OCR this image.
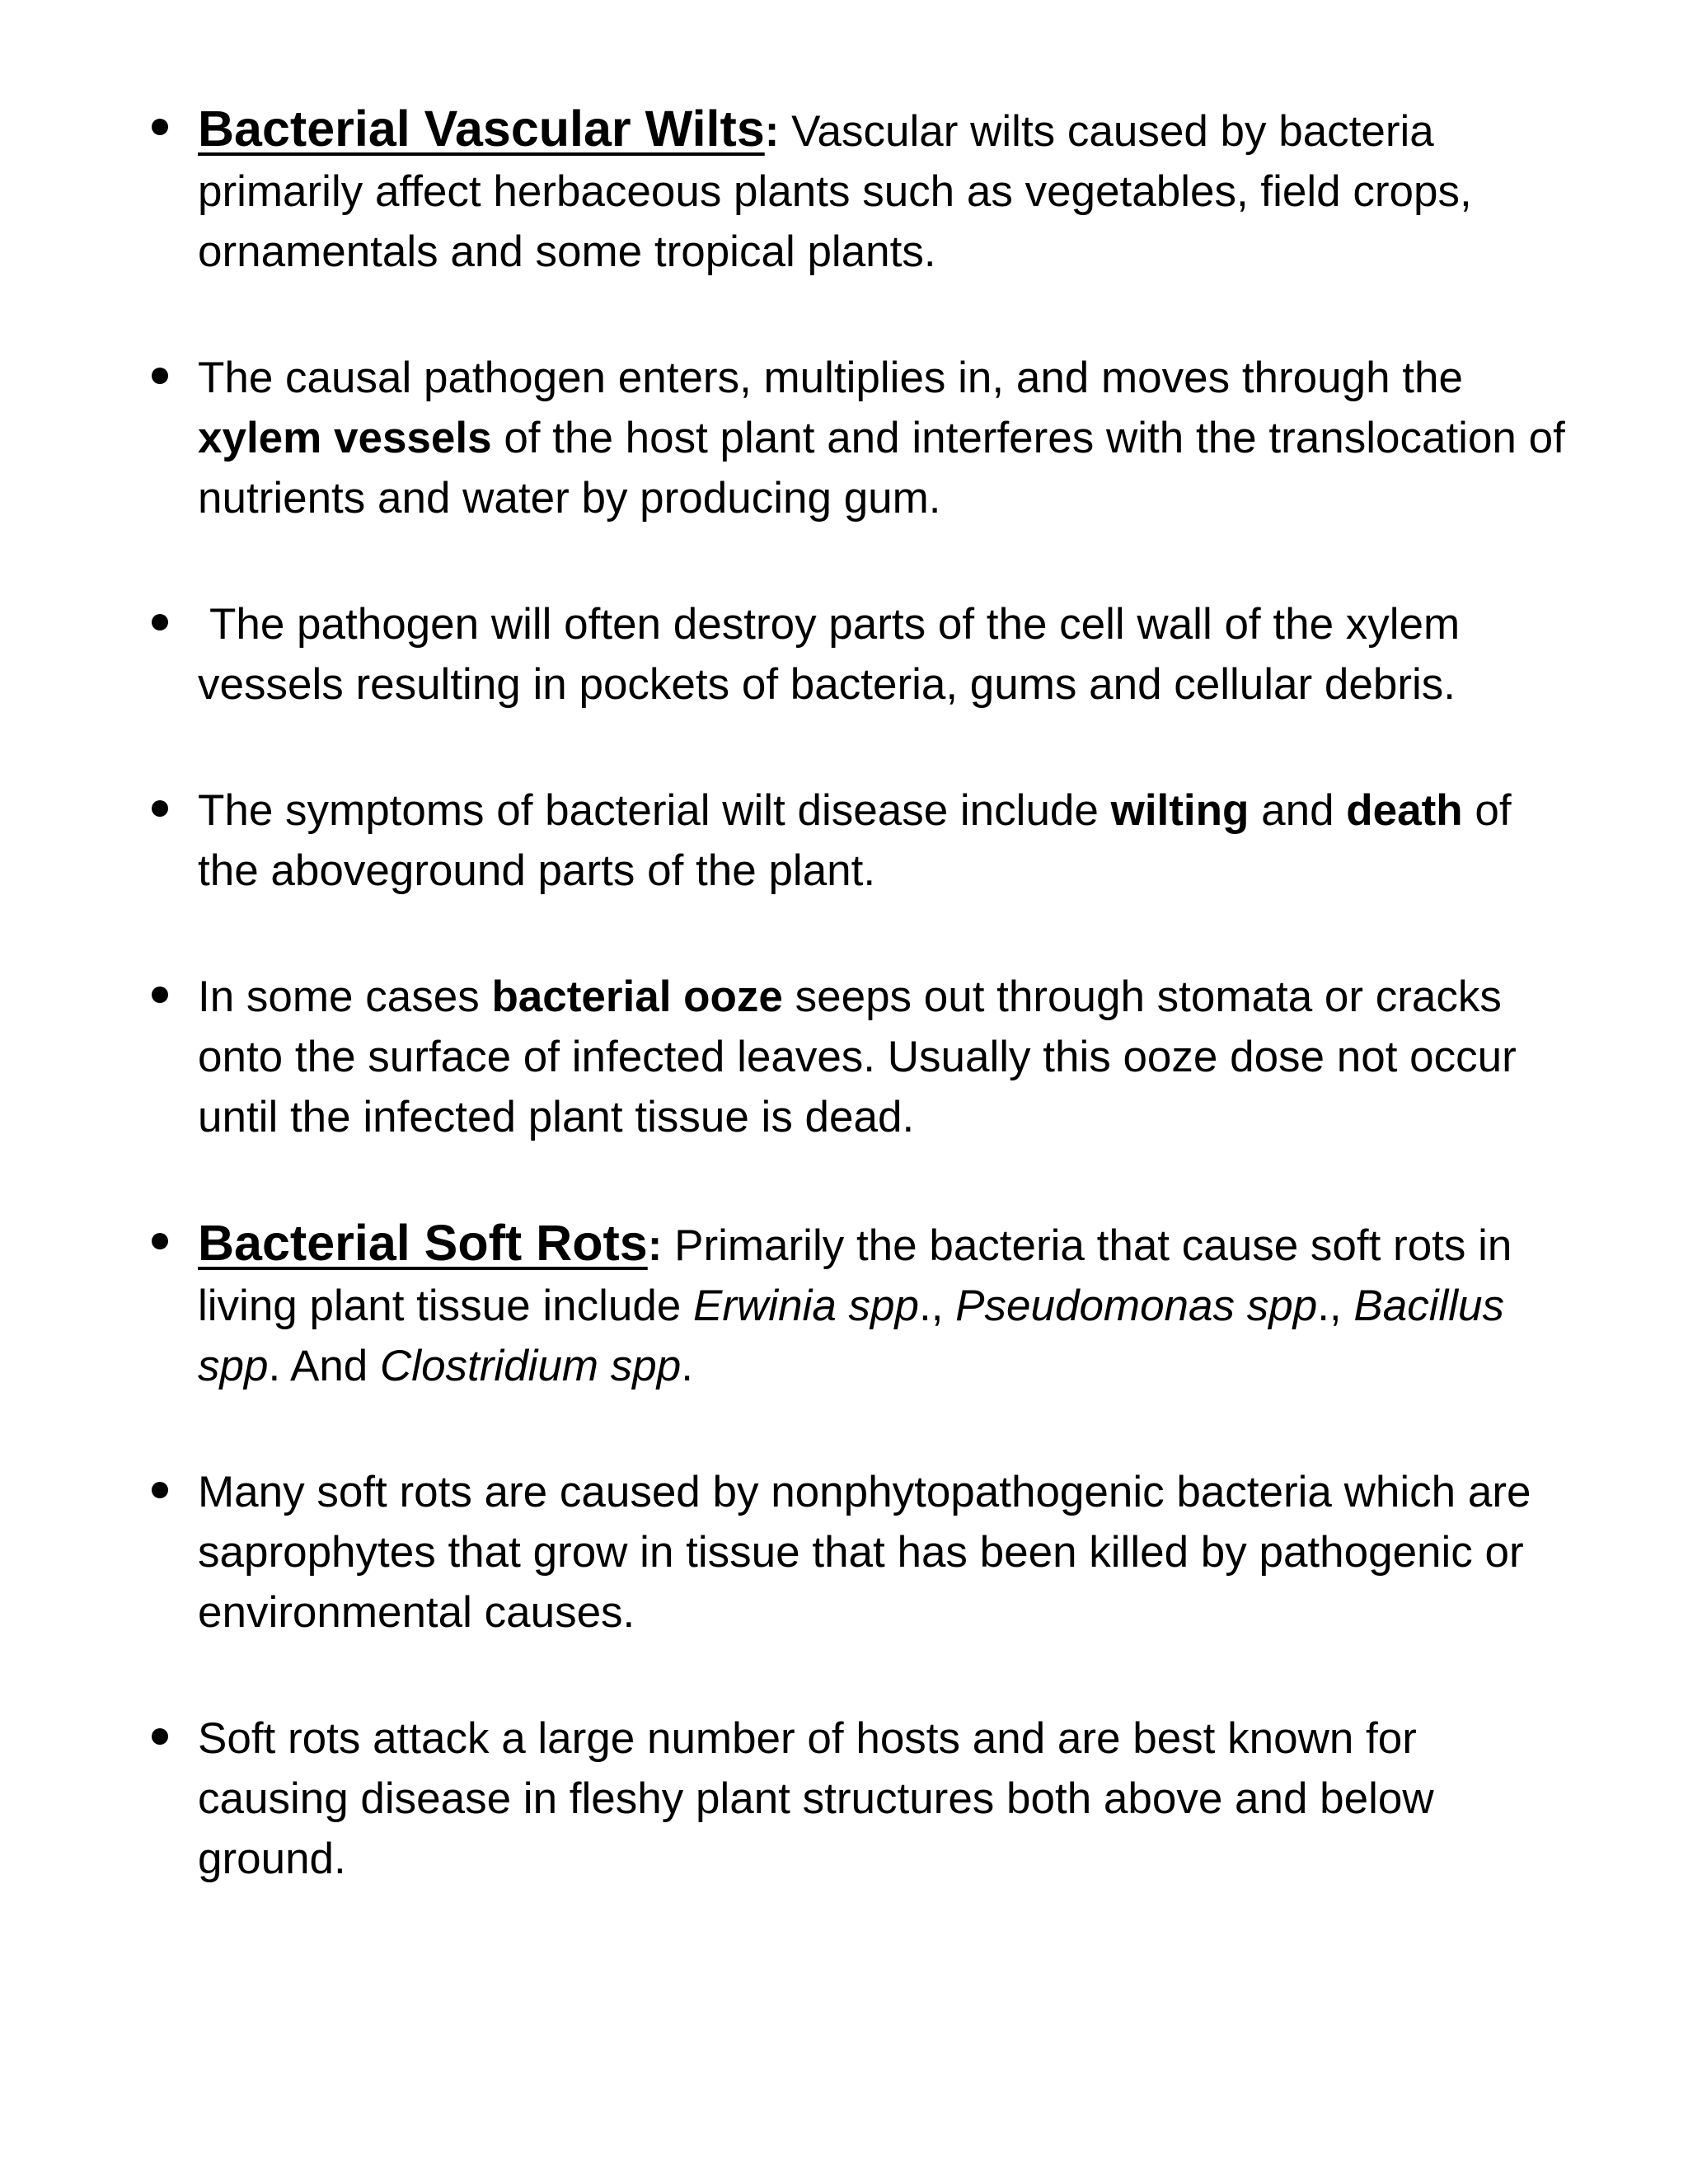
Bacterial Vascular Wilts: Vascular wilts caused by bacteria primarily affect herbaceous plants such as vegetables, field crops, ornamentals and some tropical plants.
The causal pathogen enters, multiplies in, and moves through the xylem vessels of the host plant and interferes with the translocation of nutrients and water by producing gum.
The pathogen will often destroy parts of the cell wall of the xylem vessels resulting in pockets of bacteria, gums and cellular debris.
The symptoms of bacterial wilt disease include wilting and death of the aboveground parts of the plant.
In some cases bacterial ooze seeps out through stomata or cracks onto the surface of infected leaves. Usually this ooze dose not occur until the infected plant tissue is dead.
Bacterial Soft Rots: Primarily the bacteria that cause soft rots in living plant tissue include Erwinia spp., Pseudomonas spp., Bacillus spp. And Clostridium spp.
Many soft rots are caused by nonphytopathogenic bacteria which are saprophytes that grow in tissue that has been killed by pathogenic or environmental causes.
Soft rots attack a large number of hosts and are best known for causing disease in fleshy plant structures both above and below ground.
